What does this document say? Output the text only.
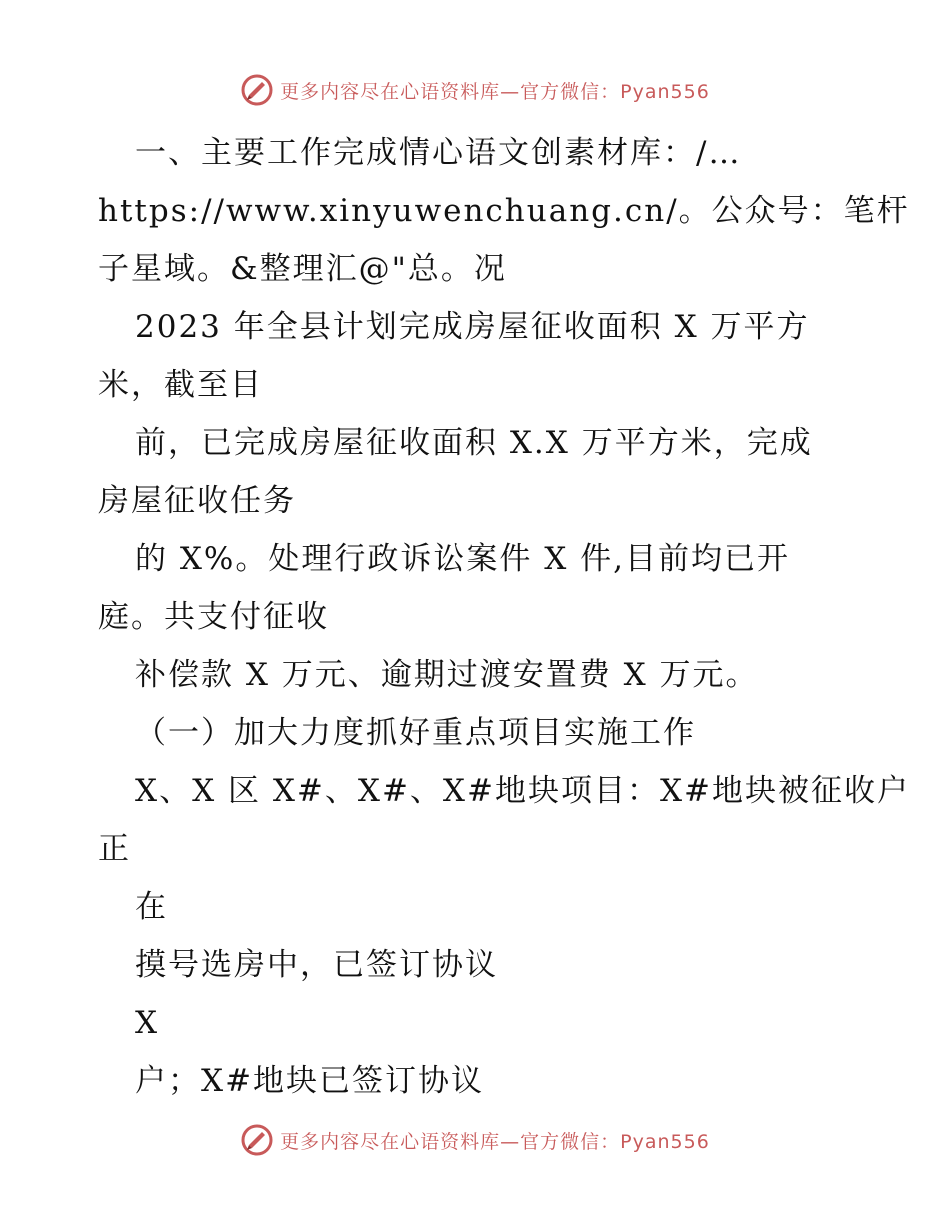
更多内容尽在心语资料库—官方微信：Pyan556
一、主要工作完成情心语文创素材库：/…
https://www.xinyuwenchuang.cn/。公众号：笔杆
子星域。&整理汇@"总。况
2023 年全县计划完成房屋征收面积 X 万平方
米，截至目
前，已完成房屋征收面积 X.X 万平方米，完成
房屋征收任务
的 X%。处理行政诉讼案件 X 件,目前均已开
庭。共支付征收
补偿款 X 万元、逾期过渡安置费 X 万元。
（一）加大力度抓好重点项目实施工作
X、X 区 X#、X#、X#地块项目：X#地块被征收户
正
在
摸号选房中，已签订协议
X
户；X#地块已签订协议
更多内容尽在心语资料库—官方微信：Pyan556
